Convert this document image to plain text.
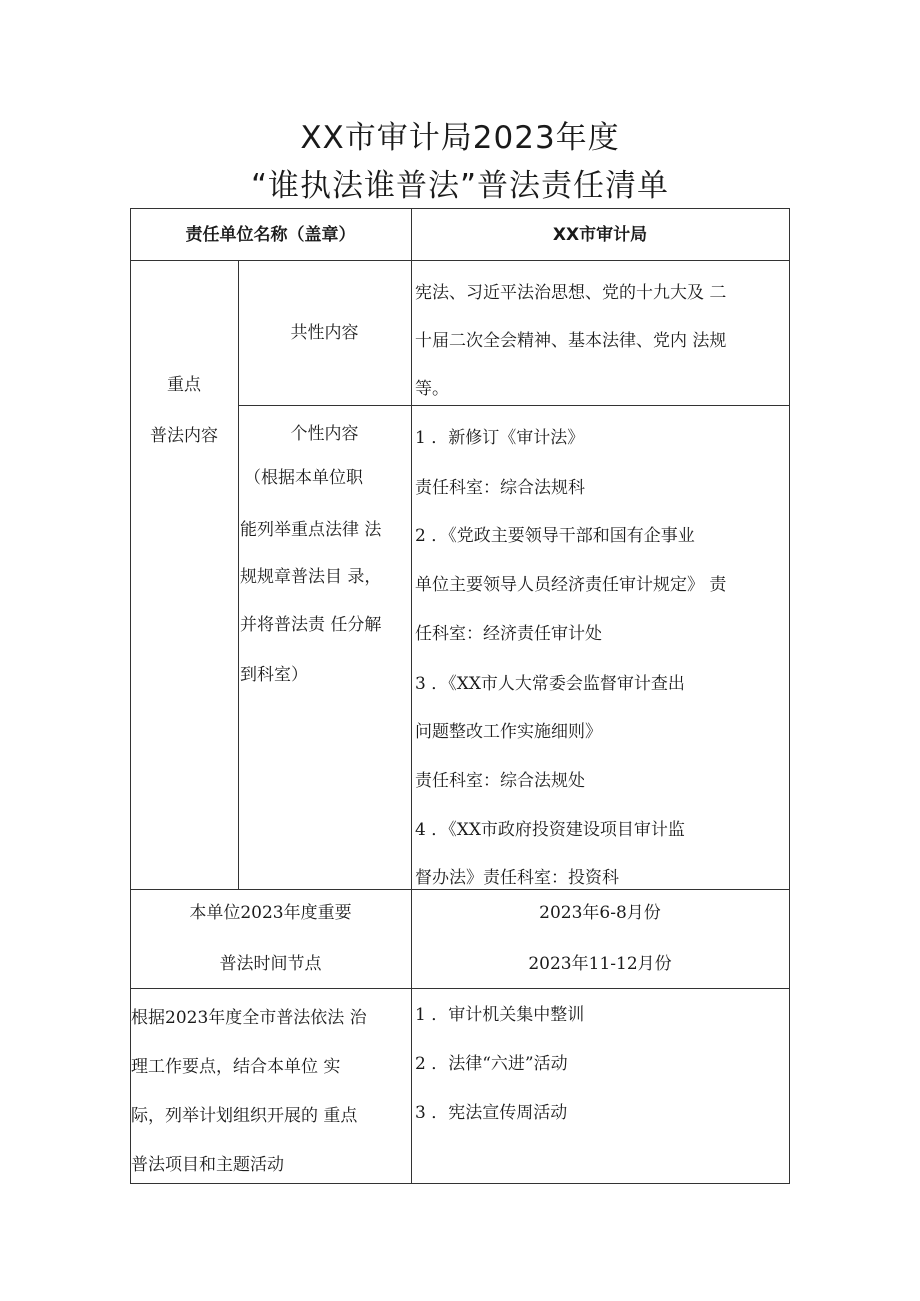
XX市审计局2023年度
“谁执法谁普法”普法责任清单
责任单位名称（盖章）	XX市审计局
重点
普法内容
共性内容
宪法、习近平法治思想、党的十九大及 二
十届二次全会精神、基本法律、党内 法规
等。
个性内容
（根据本单位职
能列举重点法律 法
规规章普法目 录，
并将普法责 任分解
到科室）
1 ．新修订《审计法》
责任科室：综合法规科
2 ．《党政主要领导干部和国有企事业
单位主要领导人员经济责任审计规定》 责
任科室：经济责任审计处
3 ．《XX市人大常委会监督审计查出
问题整改工作实施细则》
责任科室：综合法规处
4 ．《XX市政府投资建设项目审计监
督办法》责任科室：投资科
本单位2023年度重要
普法时间节点
2023年6-8月份
2023年11-12月份
根据2023年度全市普法依法 治
理工作要点，结合本单位 实
际，列举计划组织开展的 重点
普法项目和主题活动
1 ．审计机关集中整训
2 ．法律“六进”活动
3 ．宪法宣传周活动
